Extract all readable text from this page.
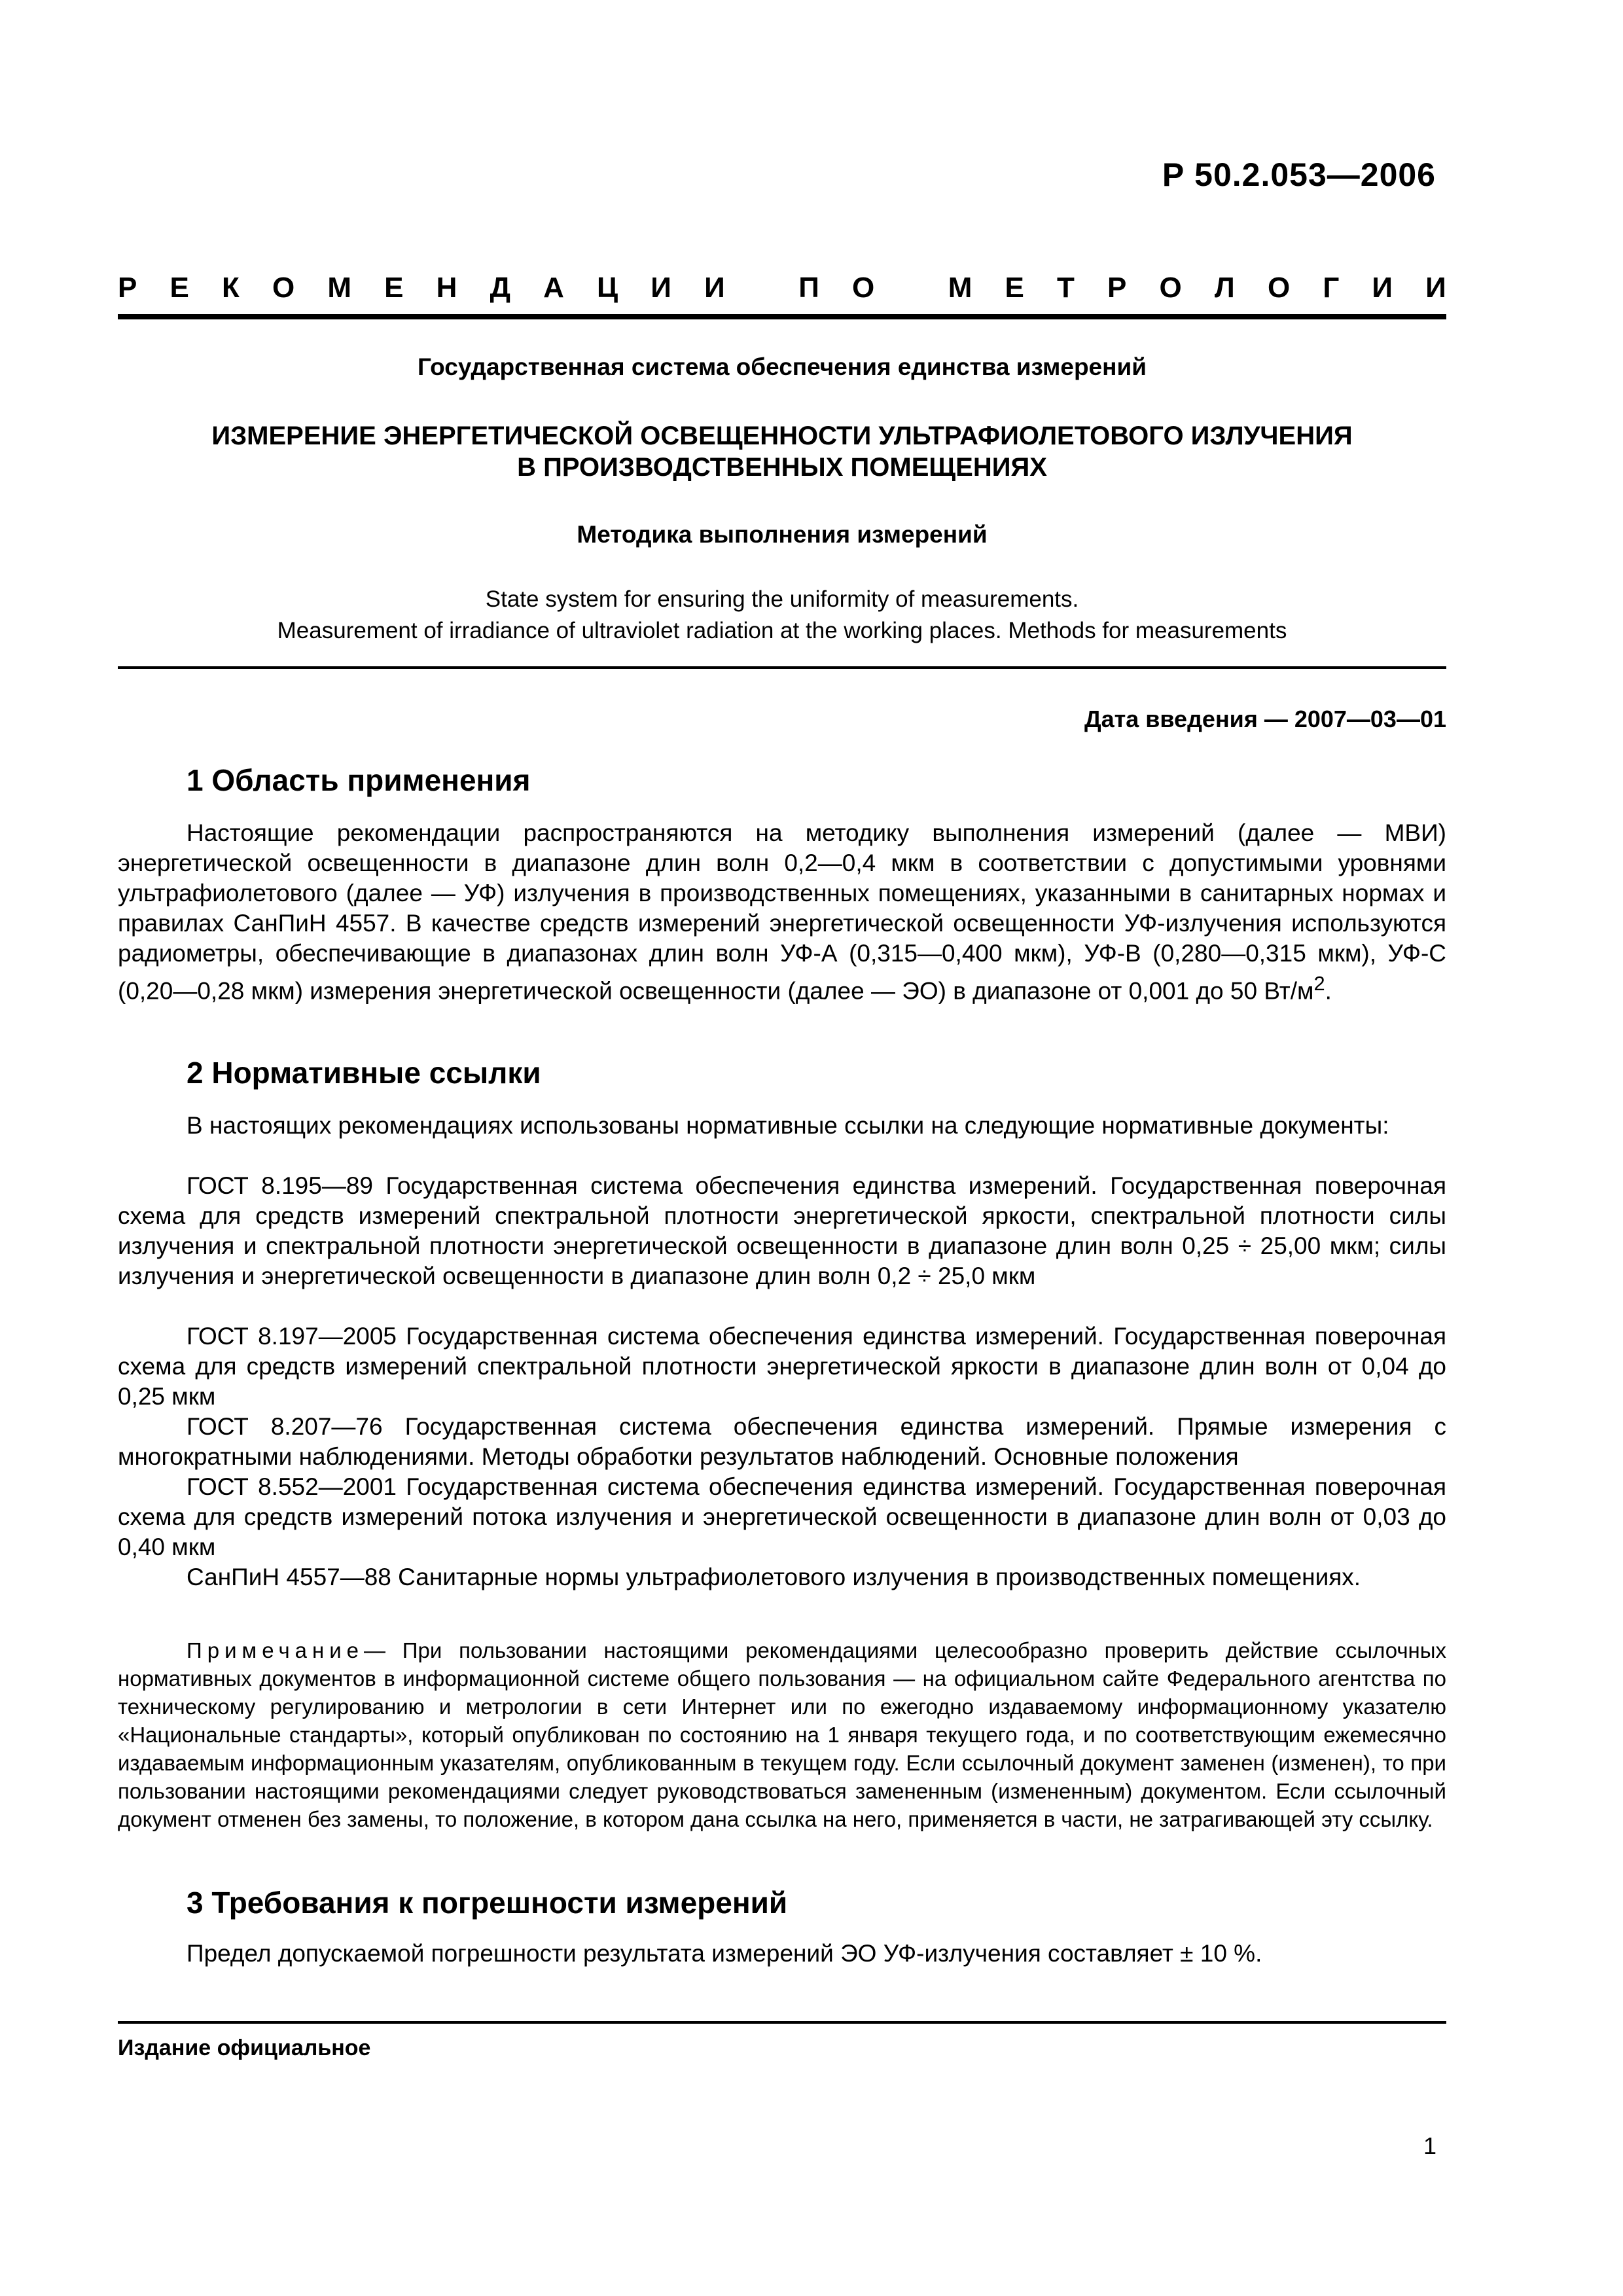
Р 50.2.053—2006
Р Е К О М Е Н Д А Ц И И
	П О
	М Е Т Р О Л О Г И И
Государственная система обеспечения единства измерений
ИЗМЕРЕНИЕ ЭНЕРГЕТИЧЕСКОЙ ОСВЕЩЕННОСТИ УЛЬТРАФИОЛЕТОВОГО ИЗЛУЧЕНИЯ
В ПРОИЗВОДСТВЕННЫХ ПОМЕЩЕНИЯХ
Методика выполнения измерений
State system for ensuring the uniformity of measurements.
Measurement of irradiance of ultraviolet radiation at the working places. Methods for measurements
Дата введения — 2007—03—01
1 Область применения
Настоящие рекомендации распространяются на методику выполнения измерений (далее — МВИ) энергетической освещенности в диапазоне длин волн 0,2—0,4 мкм в соответствии с допустимыми уровнями ультрафиолетового (далее — УФ) излучения в производственных помещениях, указанными в санитарных нормах и правилах СанПиН 4557. В качестве средств измерений энергетической освещенности УФ-излучения используются радиометры, обеспечивающие в диапазонах длин волн УФ-А (0,315—0,400 мкм), УФ-В (0,280—0,315 мкм), УФ-С (0,20—0,28 мкм) измерения энергетической освещенности (далее — ЭО) в диапазоне от 0,001 до 50 $Вт/м^2$.
2 Нормативные ссылки
В настоящих рекомендациях использованы нормативные ссылки на следующие нормативные документы:
ГОСТ 8.195—89 Государственная система обеспечения единства измерений. Государственная поверочная схема для средств измерений спектральной плотности энергетической яркости, спектральной плотности силы излучения и спектральной плотности энергетической освещенности в диапазоне длин волн 0,25 ÷ 25,00 мкм; силы излучения и энергетической освещенности в диапазоне длин волн 0,2 ÷ 25,0 мкм
ГОСТ 8.197—2005 Государственная система обеспечения единства измерений. Государственная поверочная схема для средств измерений спектральной плотности энергетической яркости в диапазоне длин волн от 0,04 до 0,25 мкм
ГОСТ 8.207—76 Государственная система обеспечения единства измерений. Прямые измерения с многократными наблюдениями. Методы обработки результатов наблюдений. Основные положения
ГОСТ 8.552—2001 Государственная система обеспечения единства измерений. Государственная поверочная схема для средств измерений потока излучения и энергетической освещенности в диапазоне длин волн от 0,03 до 0,40 мкм
СанПиН 4557—88 Санитарные нормы ультрафиолетового излучения в производственных помещениях.
Примечание— При пользовании настоящими рекомендациями целесообразно проверить действие ссылочных нормативных документов в информационной системе общего пользования — на официальном сайте Федерального агентства по техническому регулированию и метрологии в сети Интернет или по ежегодно издаваемому информационному указателю «Национальные стандарты», который опубликован по состоянию на 1 января текущего года, и по соответствующим ежемесячно издаваемым информационным указателям, опубликованным в текущем году. Если ссылочный документ заменен (изменен), то при пользовании настоящими рекомендациями следует руководствоваться замененным (измененным) документом. Если ссылочный документ отменен без замены, то положение, в котором дана ссылка на него, применяется в части, не затрагивающей эту ссылку.
3 Требования к погрешности измерений
Предел допускаемой погрешности результата измерений ЭО УФ-излучения составляет ± 10 %.
Издание официальное
1
